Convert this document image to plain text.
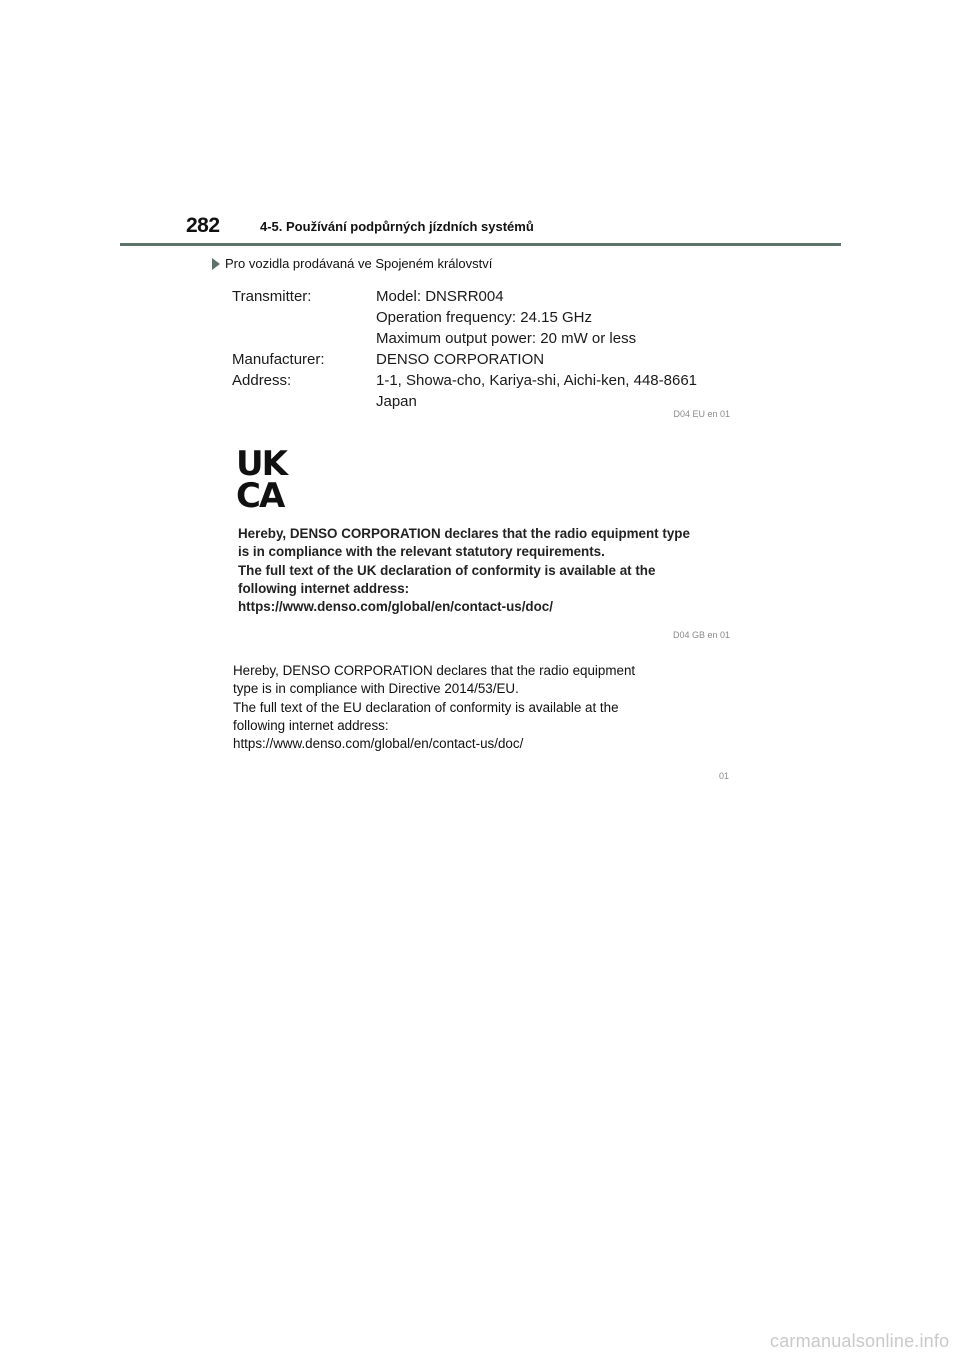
282	4-5. Používání podpůrných jízdních systémů
Pro vozidla prodávaná ve Spojeném království
Transmitter:	Model: DNSRR004
Operation frequency: 24.15 GHz
Maximum output power: 20 mW or less
Manufacturer:	DENSO CORPORATION
Address:	1-1, Showa-cho, Kariya-shi, Aichi-ken, 448-8661
Japan
D04 EU en 01
UK
CA
Hereby, DENSO CORPORATION declares that the radio equipment type
is in compliance with the relevant statutory requirements.
The full text of the UK declaration of conformity is available at the
following internet address:
https://www.denso.com/global/en/contact-us/doc/
D04 GB en 01
Hereby, DENSO CORPORATION declares that the radio equipment
type is in compliance with Directive 2014/53/EU.
The full text of the EU declaration of conformity is available at the
following internet address:
https://www.denso.com/global/en/contact-us/doc/
01
carmanualsonline.info
